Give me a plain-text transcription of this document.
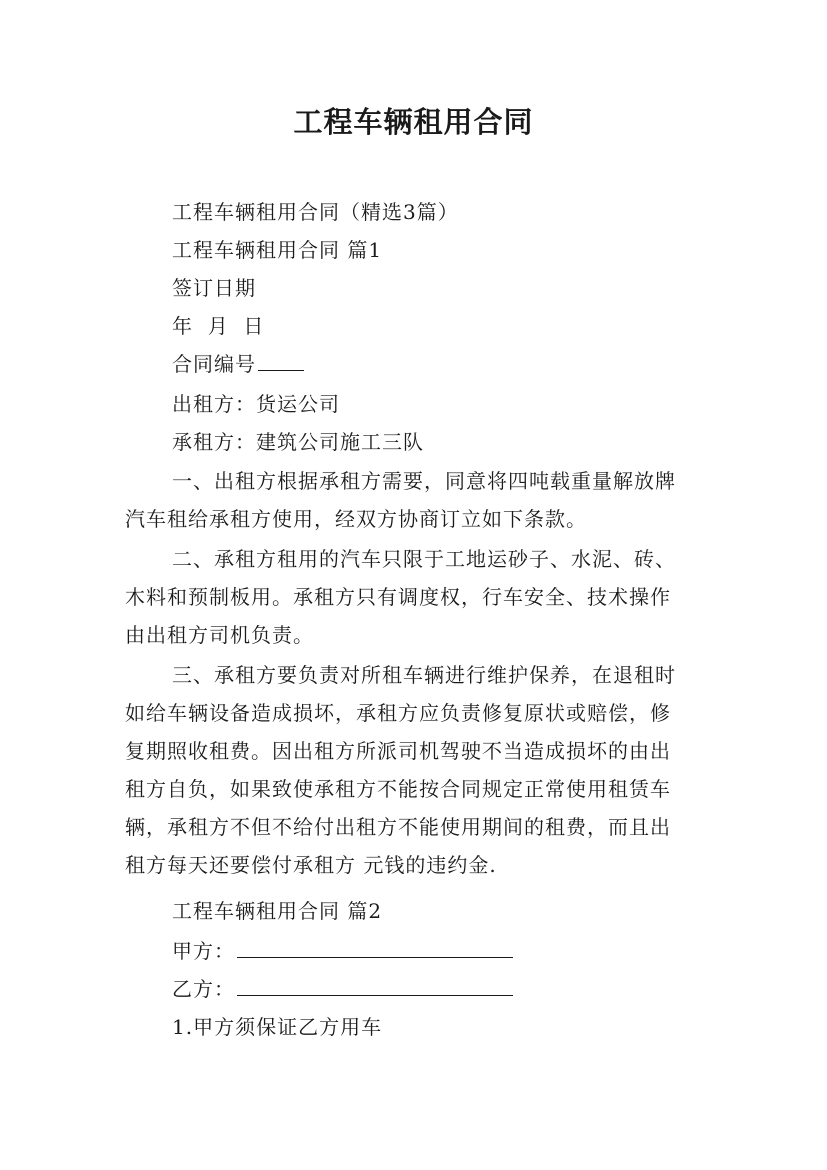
工程车辆租用合同
工程车辆租用合同（精选3篇）
工程车辆租用合同 篇1
签订日期
年  月  日
合同编号
出租方：货运公司
承租方：建筑公司施工三队
一、出租方根据承租方需要，同意将四吨载重量解放牌
汽车租给承租方使用，经双方协商订立如下条款。
二、承租方租用的汽车只限于工地运砂子、水泥、砖、
木料和预制板用。承租方只有调度权，行车安全、技术操作
由出租方司机负责。
三、承租方要负责对所租车辆进行维护保养，在退租时
如给车辆设备造成损坏，承租方应负责修复原状或赔偿，修
复期照收租费。因出租方所派司机驾驶不当造成损坏的由出
租方自负，如果致使承租方不能按合同规定正常使用租赁车
辆，承租方不但不给付出租方不能使用期间的租费，而且出
租方每天还要偿付承租方 元钱的违约金.
工程车辆租用合同 篇2
甲方：
乙方：
1.甲方须保证乙方用车
